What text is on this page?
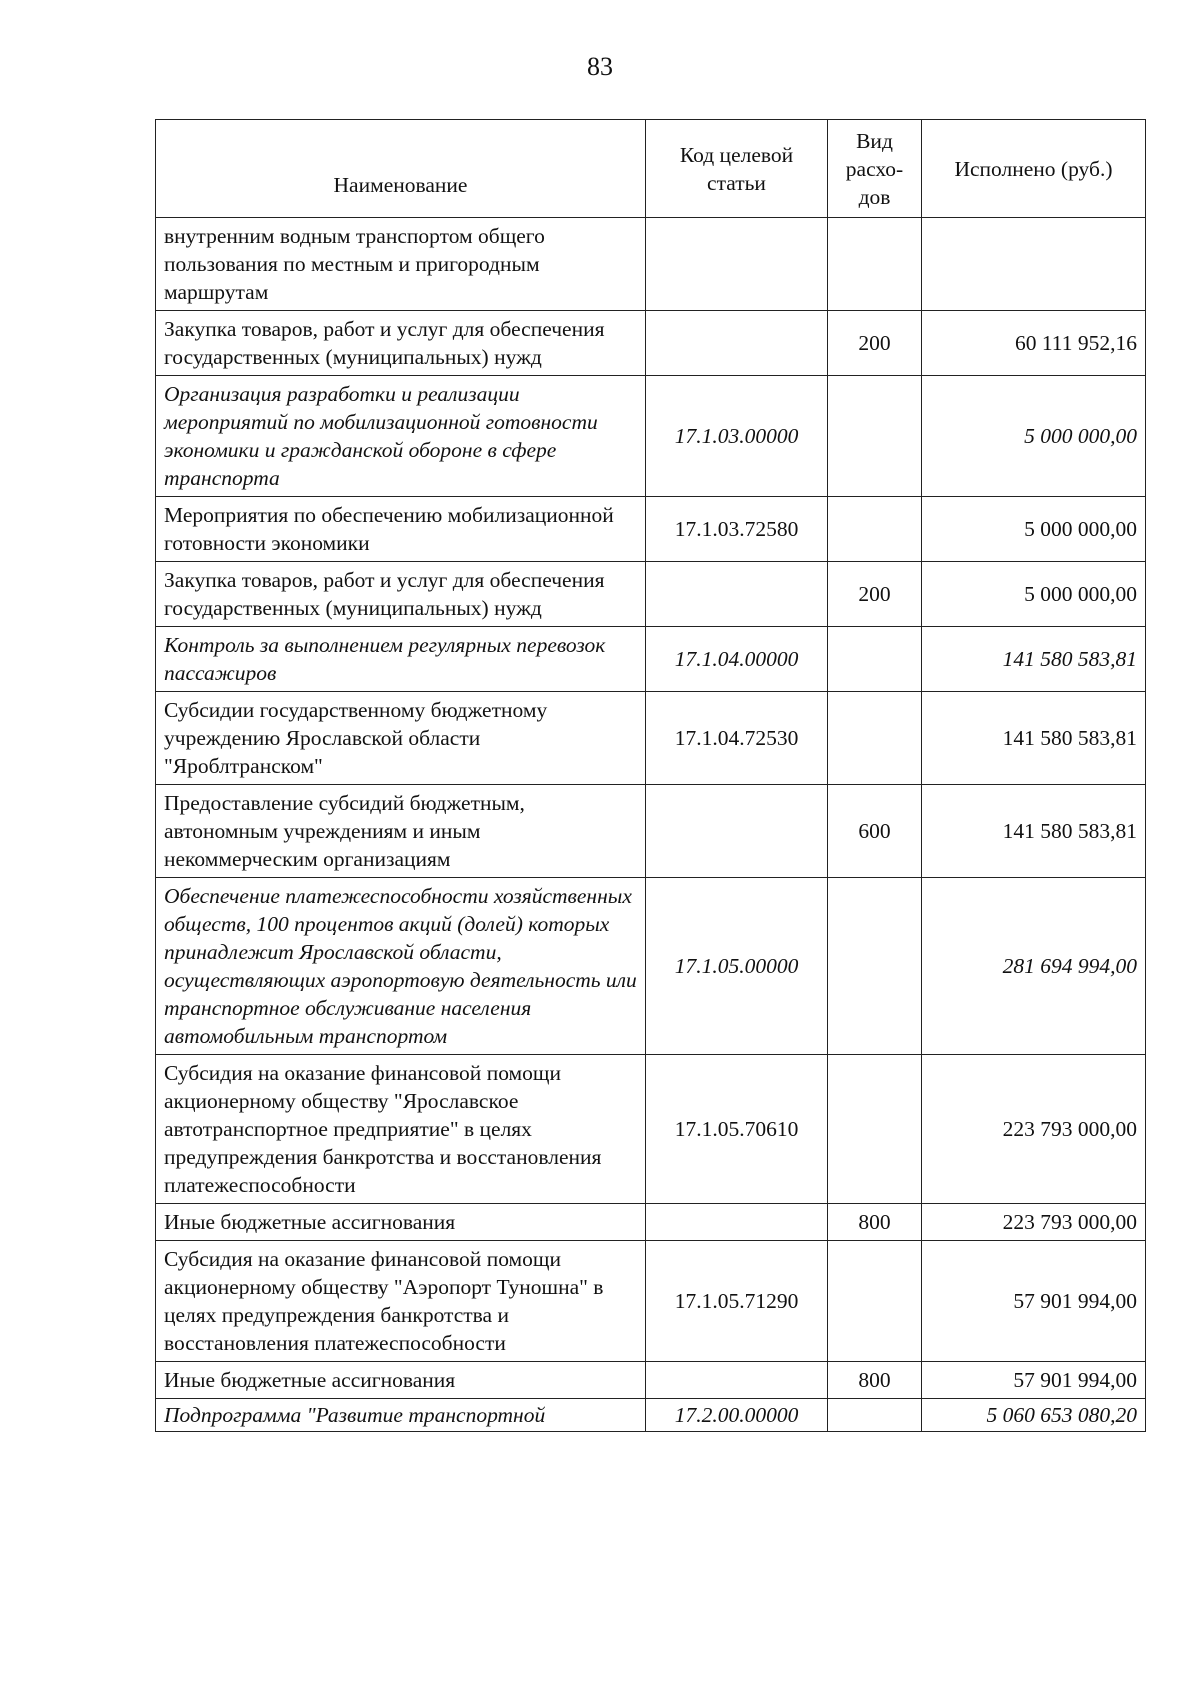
83
Наименование	Код целевой статьи	Вид расхо-дов	Исполнено (руб.)
внутренним водным транспортом общего пользования по местным и пригородным маршрутам			
Закупка товаров, работ и услуг для обеспечения государственных (муниципальных) нужд		200	60 111 952,16
Организация разработки и реализации мероприятий по мобилизационной готовности экономики и гражданской обороне в сфере транспорта	17.1.03.00000		5 000 000,00
Мероприятия по обеспечению мобилизационной готовности экономики	17.1.03.72580		5 000 000,00
Закупка товаров, работ и услуг для обеспечения государственных (муниципальных) нужд		200	5 000 000,00
Контроль за выполнением регулярных перевозок пассажиров	17.1.04.00000		141 580 583,81
Субсидии государственному бюджетному учреждению Ярославской области "Яроблтранском"	17.1.04.72530		141 580 583,81
Предоставление субсидий бюджетным, автономным учреждениям и иным некоммерческим организациям		600	141 580 583,81
Обеспечение платежеспособности хозяйственных обществ, 100 процентов акций (долей) которых принадлежит Ярославской области, осуществляющих аэропортовую деятельность или транспортное обслуживание населения автомобильным транспортом	17.1.05.00000		281 694 994,00
Субсидия на оказание финансовой помощи акционерному обществу "Ярославское автотранспортное предприятие" в целях предупреждения банкротства и восстановления платежеспособности	17.1.05.70610		223 793 000,00
Иные бюджетные ассигнования		800	223 793 000,00
Субсидия на оказание финансовой помощи акционерному обществу "Аэропорт Туношна" в целях предупреждения банкротства и восстановления платежеспособности	17.1.05.71290		57 901 994,00
Иные бюджетные ассигнования		800	57 901 994,00
Подпрограмма "Развитие транспортной	17.2.00.00000		5 060 653 080,20
